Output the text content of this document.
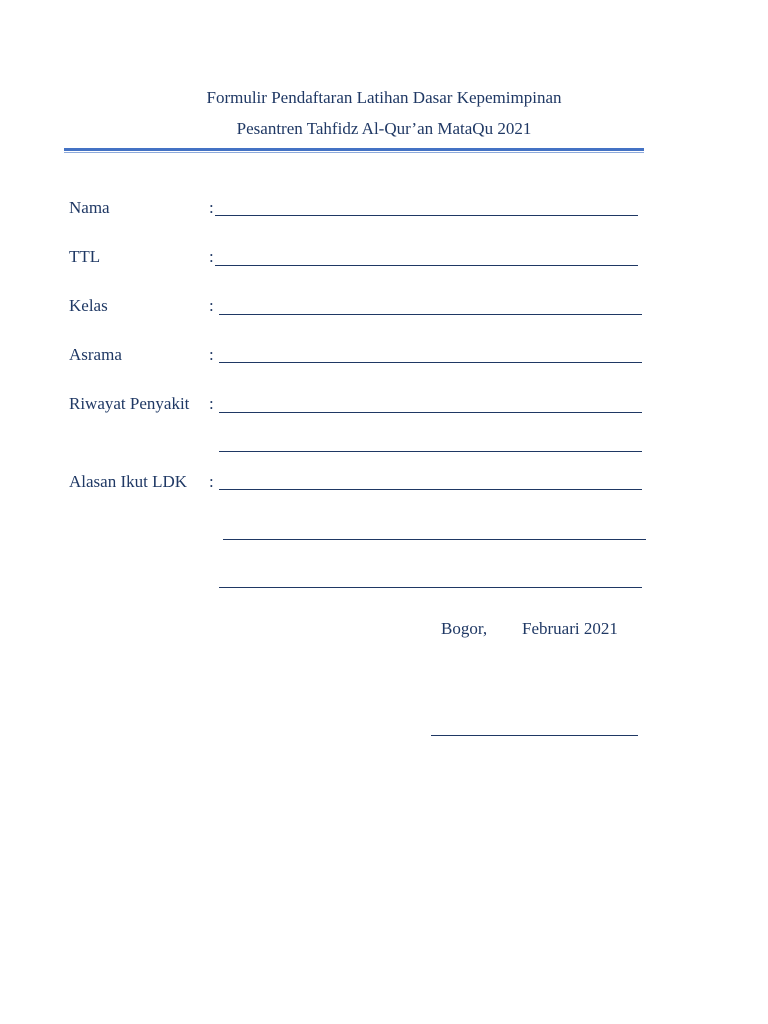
Formulir Pendaftaran Latihan Dasar Kepemimpinan
Pesantren Tahfidz Al-Qur’an MataQu 2021
Nama	:
TTL	:
Kelas	:
Asrama	:
Riwayat Penyakit :
Alasan Ikut LDK :
Bogor, Februari 2021
